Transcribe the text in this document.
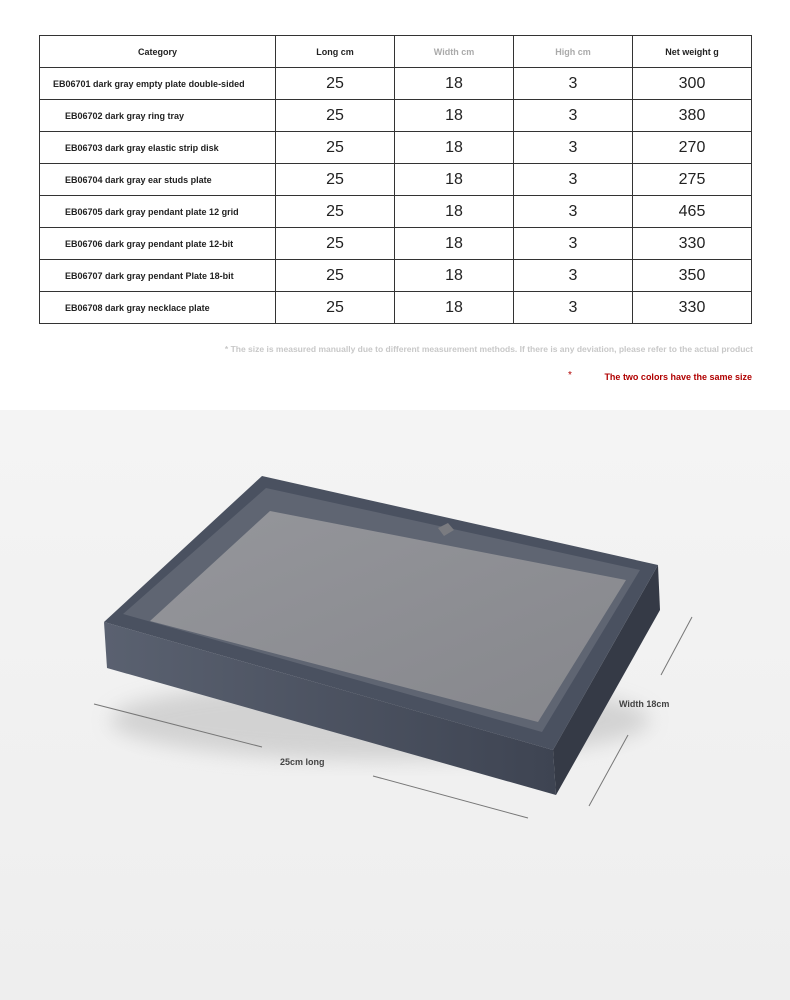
Category	Long cm	Width cm	High cm	Net weight g
EB06701 dark gray empty plate double-sided	25	18	3	300
EB06702 dark gray ring tray	25	18	3	380
EB06703 dark gray elastic strip disk	25	18	3	270
EB06704 dark gray ear studs plate	25	18	3	275
EB06705 dark gray pendant plate 12 grid	25	18	3	465
EB06706 dark gray pendant plate 12-bit	25	18	3	330
EB06707 dark gray pendant Plate 18-bit	25	18	3	350
EB06708 dark gray necklace plate	25	18	3	330
* The size is measured manually due to different measurement methods. If there is any deviation, please refer to the actual product
*	The two colors have the same size
Width 18cm
25cm long
